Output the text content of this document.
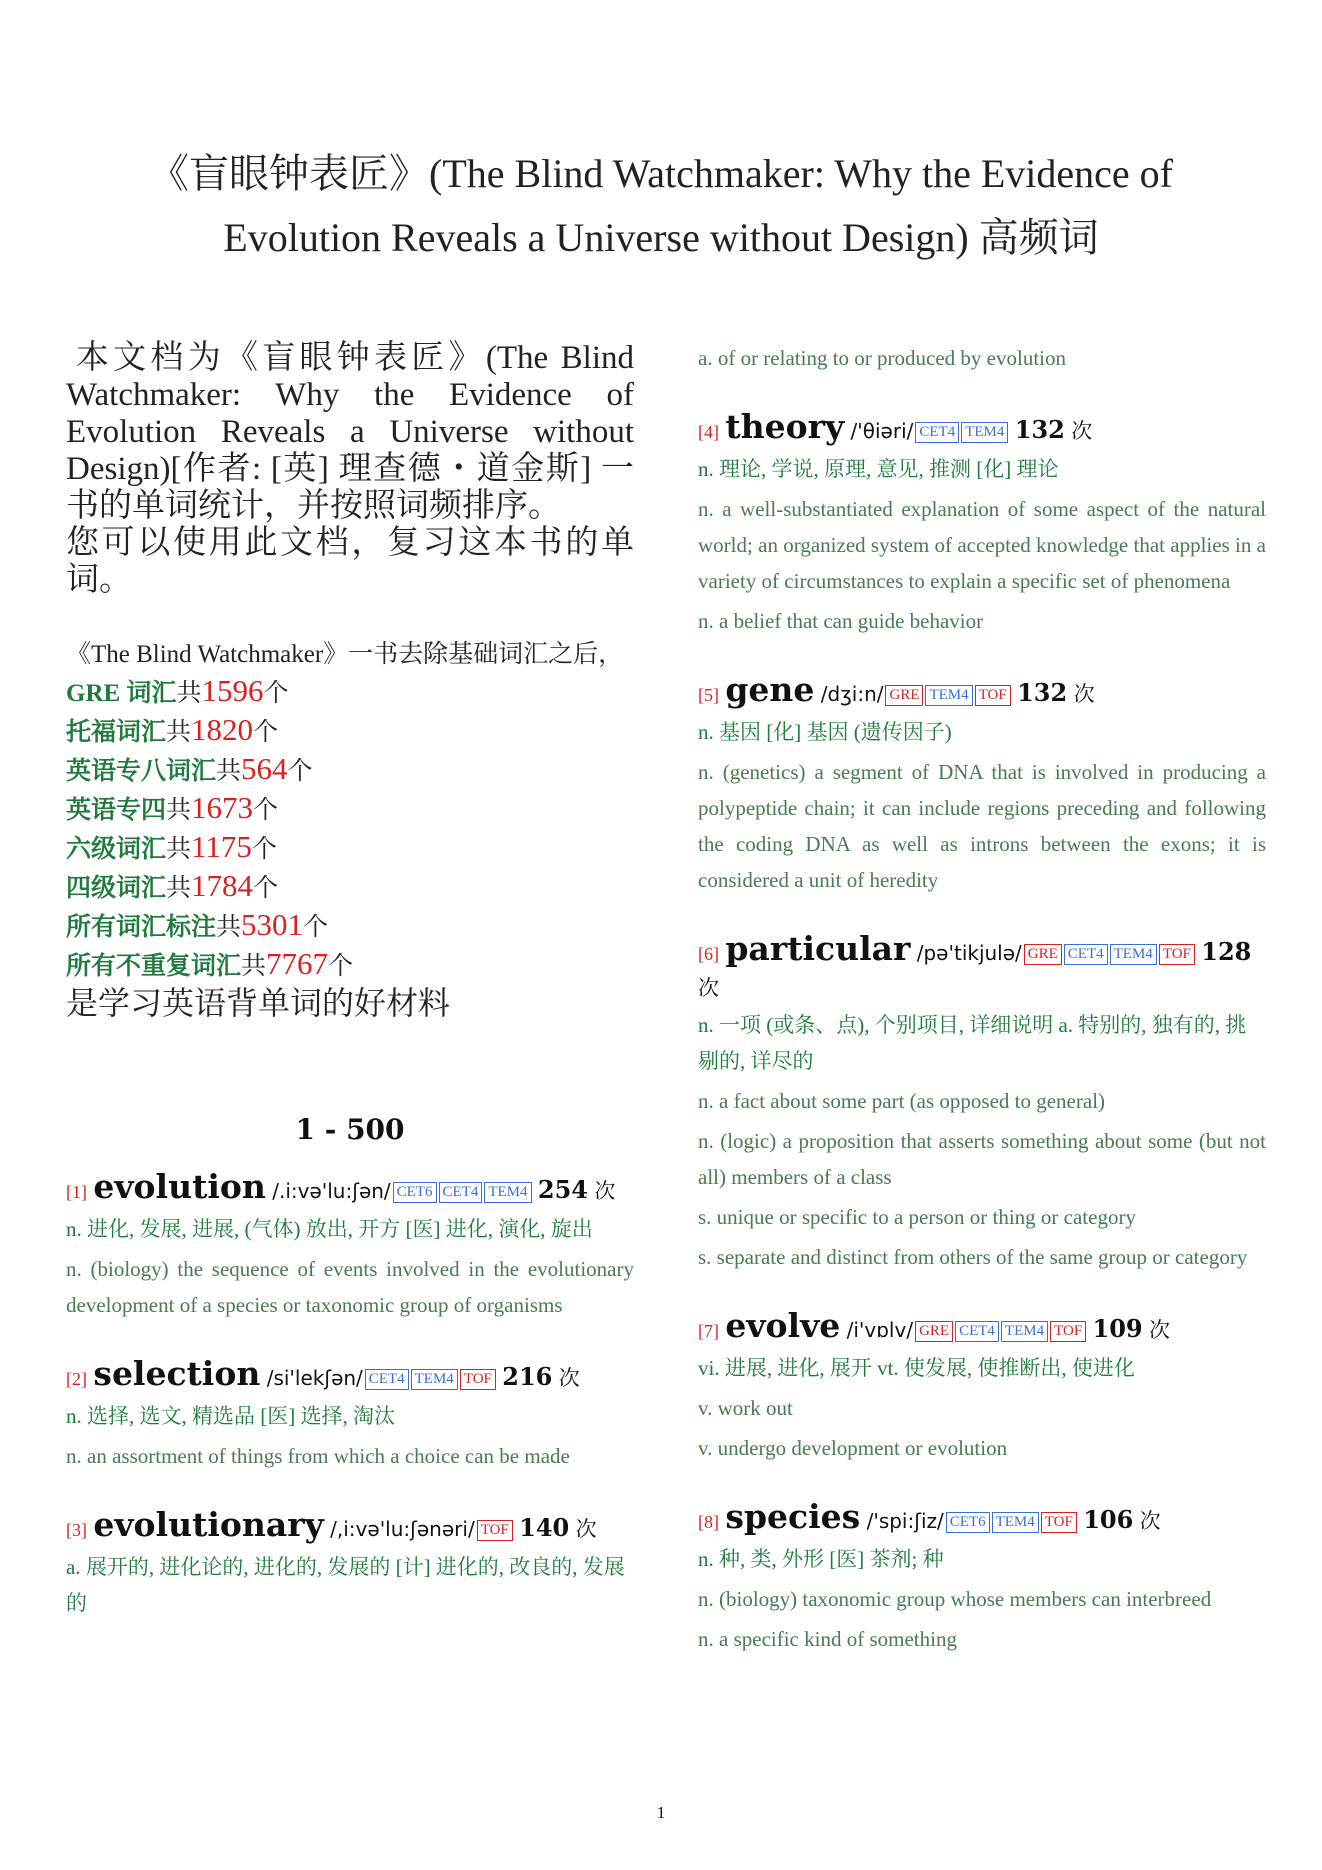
《盲眼钟表匠》(The Blind Watchmaker: Why the Evidence of Evolution Reveals a Universe without Design) 高频词

本文档为《盲眼钟表匠》(The Blind Watchmaker: Why the Evidence of Evolution Reveals a Universe without Design)[作者: [英] 理查德・道金斯] 一书的单词统计，并按照词频排序。

您可以使用此文档，复习这本书的单词。

《The Blind Watchmaker》一书去除基础词汇之后，
GRE 词汇共1596个
托福词汇共1820个
英语专八词汇共564个
英语专四共1673个
六级词汇共1175个
四级词汇共1784个
所有词汇标注共5301个
所有不重复词汇共7767个
是学习英语背单词的好材料
1 - 500
[1] evolution /.i:və'lu:ʃən/ CET6 CET4 TEM4 254 次
n. 进化, 发展, 进展, (气体) 放出, 开方 [医] 进化, 演化, 旋出
n. (biology) the sequence of events involved in the evolutionary development of a species or taxonomic group of organisms
[2] selection /si'lekʃən/ CET4 TEM4 TOF 216 次
n. 选择, 选文, 精选品 [医] 选择, 淘汰
n. an assortment of things from which a choice can be made
[3] evolutionary /,i:və'lu:ʃənəri/ TOF 140 次
a. 展开的, 进化论的, 进化的, 发展的 [计] 进化的, 改良的, 发展的
a. of or relating to or produced by evolution
[4] theory /'θiəri/ CET4 TEM4 132 次
n. 理论, 学说, 原理, 意见, 推测 [化] 理论
n. a well-substantiated explanation of some aspect of the natural world; an organized system of accepted knowledge that applies in a variety of circumstances to explain a specific set of phenomena
n. a belief that can guide behavior
[5] gene /dʒi:n/ GRE TEM4 TOF 132 次
n. 基因 [化] 基因 (遗传因子)
n. (genetics) a segment of DNA that is involved in producing a polypeptide chain; it can include regions preceding and following the coding DNA as well as introns between the exons; it is considered a unit of heredity
[6] particular /pə'tikjulə/ GRE CET4 TEM4 TOF 128 次
n. 一项 (或条、点), 个别项目, 详细说明 a. 特别的, 独有的, 挑剔的, 详尽的
n. a fact about some part (as opposed to general)
n. (logic) a proposition that asserts something about some (but not all) members of a class
s. unique or specific to a person or thing or category
s. separate and distinct from others of the same group or category
[7] evolve /i'vɒlv/ GRE CET4 TEM4 TOF 109 次
vi. 进展, 进化, 展开 vt. 使发展, 使推断出, 使进化
v. work out
v. undergo development or evolution
[8] species /'spi:ʃiz/ CET6 TEM4 TOF 106 次
n. 种, 类, 外形 [医] 茶剂; 种
n. (biology) taxonomic group whose members can interbreed
n. a specific kind of something
1
